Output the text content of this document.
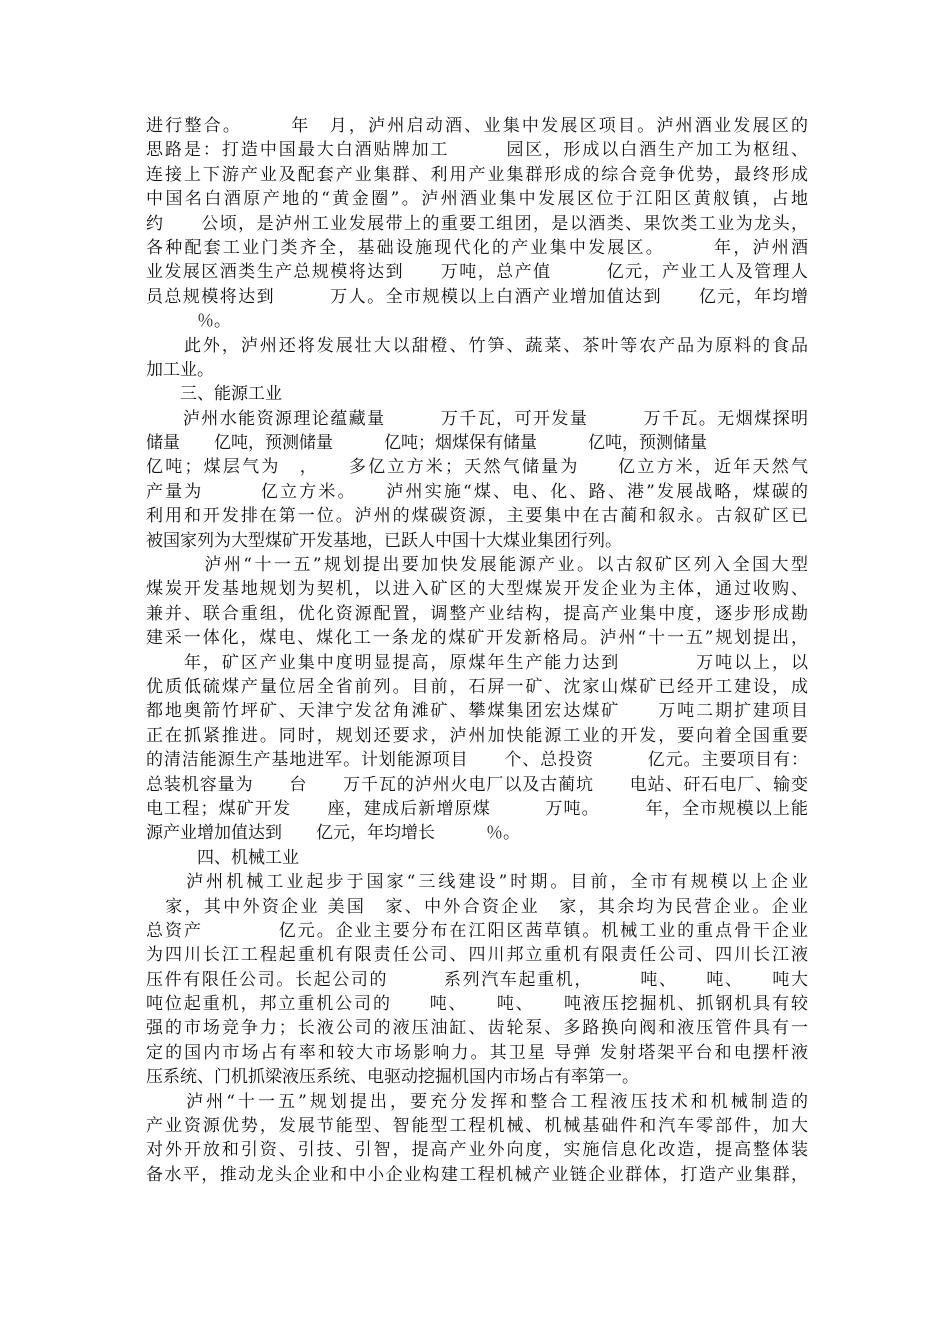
进行整合。　　　年　月，泸州启动酒、业集中发展区项目。泸州酒业发展区的
思路是：打造中国最大白酒贴牌加工　　　园区，形成以白酒生产加工为枢纽、
连接上下游产业及配套产业集群、利用产业集群形成的综合竞争优势，最终形成
中国名白酒原产地的“黄金圈”。泸州酒业集中发展区位于江阳区黄舣镇，占地
约　　公顷，是泸州工业发展带上的重要工组团，是以酒类、果饮类工业为龙头，
各种配套工业门类齐全，基础设施现代化的产业集中发展区。　　　年，泸州酒
业发展区酒类生产总规模将达到　　万吨，总产值　　　亿元，产业工人及管理人
员总规模将达到　　　万人。全市规模以上白酒产业增加值达到　　亿元，年均增
　　　％。
　　此外，泸州还将发展壮大以甜橙、竹笋、蔬菜、茶叶等农产品为原料的食品
加工业。
　　三、能源工业
　　泸州水能资源理论蕴藏量　　　万千瓦，可开发量　　　万千瓦。无烟煤探明
储量　　亿吨，预测储量　　　亿吨；烟煤保有储量　　　亿吨，预测储量
亿吨；煤层气为　，　　多亿立方米；天然气储量为　　亿立方米，近年天然气
产量为　　　亿立方米。　　泸州实施“煤、电、化、路、港”发展战略，煤碳的
利用和开发排在第一位。泸州的煤碳资源，主要集中在古蔺和叙永。古叙矿区已
被国家列为大型煤矿开发基地，已跃人中国十大煤业集团行列。
　　　泸州“十一五”规划提出要加快发展能源产业。以古叙矿区列入全国大型
煤炭开发基地规划为契机，以进入矿区的大型煤炭开发企业为主体，通过收购、
兼并、联合重组，优化资源配置，调整产业结构，提高产业集中度，逐步形成勘
建采一体化，煤电、煤化工一条龙的煤矿开发新格局。泸州“十一五”规划提出，
　　年，矿区产业集中度明显提高，原煤年生产能力达到　　　　万吨以上，以
优质低硫煤产量位居全省前列。目前，石屏一矿、沈家山煤矿已经开工建设，成
都地奥箭竹坪矿、天津宁发岔角滩矿、攀煤集团宏达煤矿　　万吨二期扩建项目
正在抓紧推进。同时，规划还要求，泸州加快能源工业的开发，要向着全国重要
的清洁能源生产基地进军。计划能源项目　　个、总投资　　　亿元。主要项目有：
总装机容量为　　台　　万千瓦的泸州火电厂以及古蔺坑　　电站、矸石电厂、输变
电工程；煤矿开发　　座，建成后新增原煤　　　万吨。　　　年，全市规模以上能
源产业增加值达到　　亿元，年均增长　　　％。
　　　四、机械工业
　　泸州机械工业起步于国家“三线建设”时期。目前，全市有规模以上企业
　家，其中外资企业 美国　家、中外合资企业　家，其余均为民营企业。企业
总资产　　　　亿元。企业主要分布在江阳区茜草镇。机械工业的重点骨干企业
为四川长江工程起重机有限责任公司、四川邦立重机有限责任公司、四川长江液
压件有限任公司。长起公司的　　　系列汽车起重机，　　　吨、　　吨、　　吨大
吨位起重机，邦立重机公司的　　吨、　　吨、　　吨液压挖掘机、抓钢机具有较
强的市场竞争力；长液公司的液压油缸、齿轮泵、多路换向阀和液压管件具有一
定的国内市场占有率和较大市场影响力。其卫星 导弹 发射塔架平台和电摆杆液
压系统、门机抓梁液压系统、电驱动挖掘机国内市场占有率第一。
　　泸州“十一五”规划提出，要充分发挥和整合工程液压技术和机械制造的
产业资源优势，发展节能型、智能型工程机械、机械基础件和汽车零部件，加大
对外开放和引资、引技、引智，提高产业外向度，实施信息化改造，提高整体装
备水平，推动龙头企业和中小企业构建工程机械产业链企业群体，打造产业集群，
